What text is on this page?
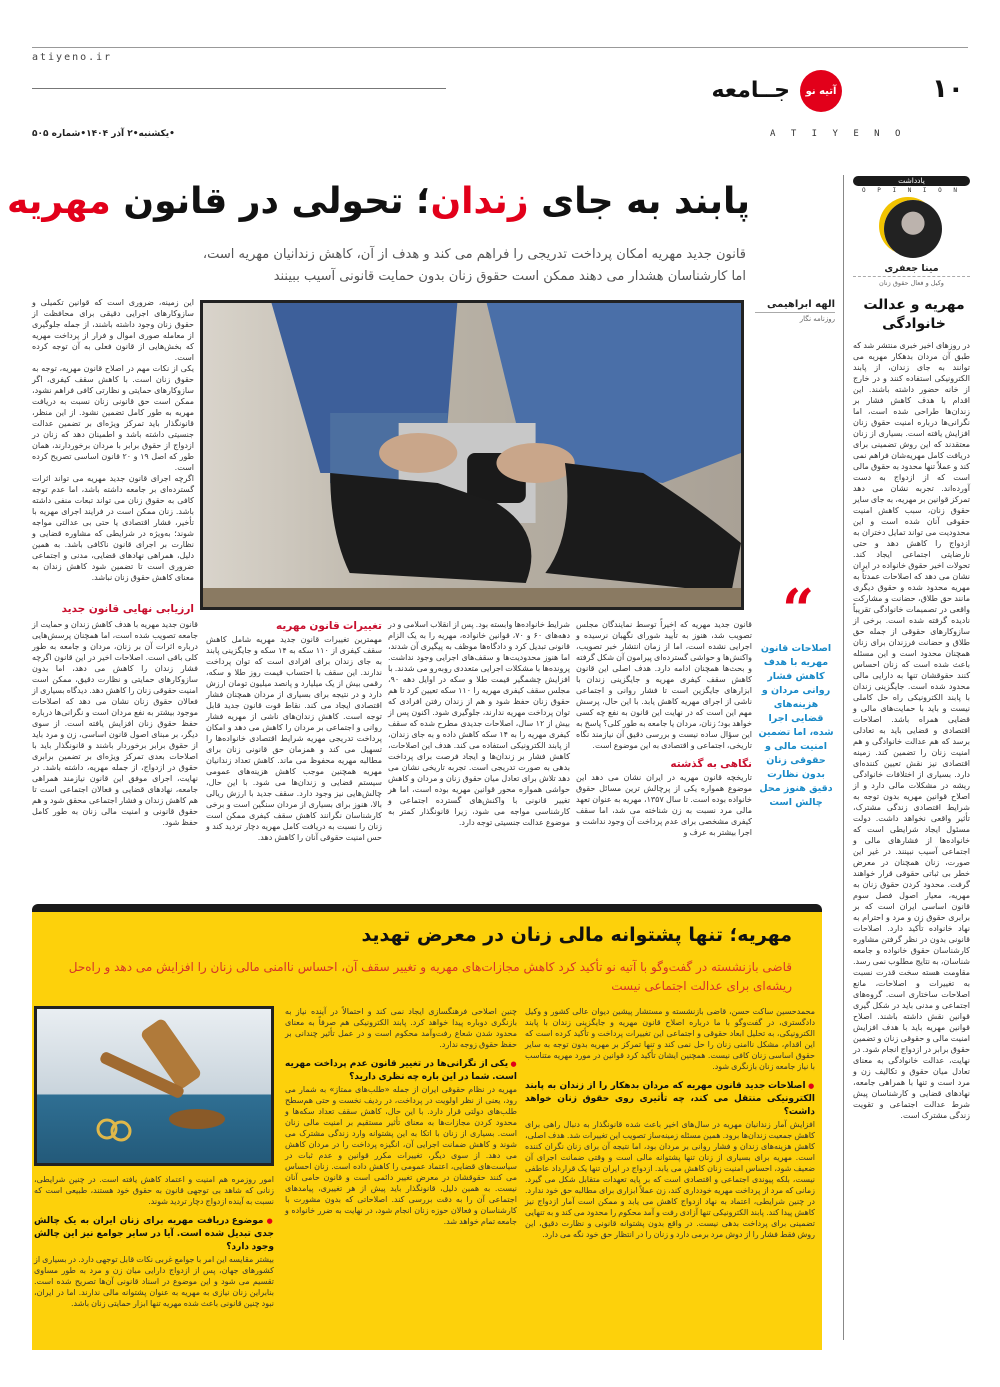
atiyeno.ir
۱۰
آتیه نو
جــامعه
A T I Y E N O
•یکشنبه•۲ آذر ۱۴۰۴•شماره ۵۰۵
پابند به جای زندان؛ تحولی در قانون مهریه
قانون جدید مهریه امکان پرداخت تدریجی را فراهم می کند و هدف از آن، کاهش زندانیان مهریه است،
اما کارشناسان هشدار می دهند ممکن است حقوق زنان بدون حمایت قانونی آسیب ببینند
الهه ابراهیمی
روزنامه نگار
یادداشت
O P I N I O N
مینا جعفری
وکیل و فعال حقوق زنان
مهریه و عدالت خانوادگی
در روزهای اخیر خبری منتشر شد که طبق آن مردان بدهکار مهریه می توانند به جای زندان، از پابند الکترونیکی استفاده کنند و در خارج از خانه حضور داشته باشند. این اقدام با هدف کاهش فشار بر زندان‌ها طراحی شده است، اما نگرانی‌ها درباره امنیت حقوق زنان افزایش یافته است. بسیاری از زنان معتقدند که این روش تضمینی برای دریافت کامل مهریه‌شان فراهم نمی کند و عملاً تنها محدود به حقوق مالی است که از ازدواج به دست آورده‌اند. تجربه نشان می دهد تمرکز قوانین بر مهریه، به جای سایر حقوق زنان، سبب کاهش امنیت حقوقی آنان شده است و این محدودیت می تواند تمایل دختران به ازدواج را کاهش دهد و حتی نارضایتی اجتماعی ایجاد کند. تحولات اخیر حقوق خانواده در ایران نشان می دهد که اصلاحات عمدتاً به مهریه محدود شده و حقوق دیگری مانند حق طلاق، حضانت و مشارکت واقعی در تصمیمات خانوادگی تقریباً نادیده گرفته شده است. برخی از سازوکارهای حقوقی از جمله حق طلاق و حضانت فرزندان برای زنان همچنان محدود است و این مسئله باعث شده است که زنان احساس کنند حقوقشان تنها به دارایی مالی محدود شده است. جایگزینی زندان با پابند الکترونیکی راه حل کاملی نیست و باید با حمایت‌های مالی و قضایی همراه باشد. اصلاحات اقتصادی و قضایی باید به تعادلی برسد که هم عدالت خانوادگی و هم امنیت زنان را تضمین کند. زمینه اقتصادی نیز نقش تعیین کننده‌ای دارد. بسیاری از اختلافات خانوادگی ریشه در مشکلات مالی دارد و از اصلاح قوانین مهریه بدون توجه به شرایط اقتصادی زندگی مشترک، تأثیر واقعی نخواهد داشت. دولت مسئول ایجاد شرایطی است که خانواده‌ها از فشارهای مالی و اجتماعی آسیب نبینند. در غیر این صورت، زنان همچنان در معرض خطر بی ثباتی حقوقی قرار خواهند گرفت. محدود کردن حقوق زنان به مهریه، معیار اصول فصل سوم قانون اساسی ایران است که بر برابری حقوق زن و مرد و احترام به نهاد خانواده تأکید دارد. اصلاحات قانونی بدون در نظر گرفتن مشاوره کارشناسان حقوق خانواده و جامعه شناسان، به نتایج مطلوب نمی رسد. مقاومت هسته سخت قدرت نسبت به تغییرات و اصلاحات، مانع اصلاحات ساختاری است. گروه‌های اجتماعی و مدنی باید در شکل گیری قوانین نقش داشته باشند. اصلاح قوانین مهریه باید با هدف افزایش امنیت مالی و حقوقی زنان و تضمین حقوق برابر در ازدواج انجام شود. در نهایت، عدالت خانوادگی به معنای تعادل میان حقوق و تکالیف زن و مرد است و تنها با همراهی جامعه، نهادهای قضایی و کارشناسان پیش شرط عدالت اجتماعی و تقویت زندگی مشترک است.

این زمینه، ضروری است که قوانین تکمیلی و سازوکارهای اجرایی دقیقی برای محافظت از حقوق زنان وجود داشته باشند، از جمله جلوگیری از معامله صوری اموال و فرار از پرداخت مهریه که بخش‌هایی از قانون فعلی به آن توجه کرده است.

یکی از نکات مهم در اصلاح قانون مهریه، توجه به حقوق زنان است. با کاهش سقف کیفری، اگر سازوکارهای حمایتی و نظارتی کافی فراهم نشود، ممکن است حق قانونی زنان نسبت به دریافت مهریه به طور کامل تضمین نشود. از این منظر، قانونگذار باید تمرکز ویژه‌ای بر تضمین عدالت جنسیتی داشته باشد و اطمینان دهد که زنان در ازدواج از حقوق برابر با مردان برخوردارند، همان طور که اصل ۱۹ و ۲۰ قانون اساسی تصریح کرده است.

اگرچه اجرای قانون جدید مهریه می تواند اثرات گسترده‌ای بر جامعه داشته باشد، اما عدم توجه کافی به حقوق زنان می تواند تبعات منفی داشته باشد. زنان ممکن است در فرایند اجرای مهریه با تأخیر، فشار اقتصادی یا حتی بی عدالتی مواجه شوند؛ به‌ویژه در شرایطی که مشاوره قضایی و نظارت بر اجرای قانون ناکافی باشد. به همین دلیل، همراهی نهادهای قضایی، مدنی و اجتماعی ضروری است تا تضمین شود کاهش زندان به معنای کاهش حقوق زنان نباشد.

ارزیابی نهایی قانون جدید
قانون جدید مهریه با هدف کاهش زندان و حمایت از جامعه تصویب شده است، اما همچنان پرسش‌هایی درباره اثرات آن بر زنان، مردان و جامعه به طور کلی باقی است. اصلاحات اخیر در این قانون اگرچه فشار زندان را کاهش می دهد، اما بدون سازوکارهای حمایتی و نظارت دقیق، ممکن است امنیت حقوقی زنان را کاهش دهد. دیدگاه بسیاری از فعالان حقوق زنان نشان می دهد که اصلاحات موجود بیشتر به نفع مردان است و نگرانی‌ها درباره حفظ حقوق زنان افزایش یافته است. از سوی دیگر، بر مبنای اصول قانون اساسی، زن و مرد باید از حقوق برابر برخوردار باشند و قانونگذار باید با اصلاحات بعدی تمرکز ویژه‌ای بر تضمین برابری حقوق در ازدواج، از جمله مهریه، داشته باشد. در نهایت، اجرای موفق این قانون نیازمند همراهی جامعه، نهادهای قضایی و فعالان اجتماعی است تا هم کاهش زندان و فشار اجتماعی محقق شود و هم حقوق قانونی و امنیت مالی زنان به طور کامل حفظ شود.
“
اصلاحات قانون مهریه با هدف کاهش فشار روانی مردان و هزینه‌های قضایی اجرا شده، اما تضمین امنیت مالی و حقوقی زنان بدون نظارت دقیق هنوز محل چالش است

قانون جدید مهریه که اخیراً توسط نمایندگان مجلس تصویب شد، هنوز به تأیید شورای نگهبان نرسیده و اجرایی نشده است، اما از زمان انتشار خبر تصویب، واکنش‌ها و حواشی گسترده‌ای پیرامون آن شکل گرفته و بحث‌ها همچنان ادامه دارد. هدف اصلی این قانون کاهش سقف کیفری مهریه و جایگزینی زندان با ابزارهای جایگزین است تا فشار روانی و اجتماعی ناشی از اجرای مهریه کاهش یابد. با این حال، پرسش مهم این است که در نهایت این قانون به نفع چه کسی خواهد بود؛ زنان، مردان یا جامعه به طور کلی؟ پاسخ به این سؤال ساده نیست و بررسی دقیق آن نیازمند نگاه تاریخی، اجتماعی و اقتصادی به این موضوع است.

نگاهی به گذشته

تاریخچه قانون مهریه در ایران نشان می دهد این موضوع همواره یکی از پرچالش ترین مسائل حقوق خانواده بوده است. تا سال ۱۳۵۷، مهریه به عنوان تعهد مالی مرد نسبت به زن شناخته می شد، اما سقف کیفری مشخصی برای عدم پرداخت آن وجود نداشت و اجرا بیشتر به عرف و

شرایط خانواده‌ها وابسته بود. پس از انقلاب اسلامی و در دهه‌های ۶۰ و ۷۰، قوانین خانواده، مهریه را به یک الزام قانونی تبدیل کرد و دادگاه‌ها موظف به پیگیری آن شدند، اما هنوز محدودیت‌ها و سقف‌های اجرایی وجود نداشت. پرونده‌ها با مشکلات اجرایی متعددی روبه‌رو می شدند. با افزایش چشمگیر قیمت طلا و سکه در اوایل دهه ۹۰، مجلس سقف کیفری مهریه را ۱۱۰ سکه تعیین کرد تا هم حقوق زنان حفظ شود و هم از زندان رفتن افرادی که توان پرداخت مهریه ندارند، جلوگیری شود. اکنون پس از بیش از ۱۲ سال، اصلاحات جدیدی مطرح شده که سقف کیفری مهریه را به ۱۴ سکه کاهش داده و به جای زندان، از پابند الکترونیکی استفاده می کند. هدف این اصلاحات، کاهش فشار بر زندان‌ها و ایجاد فرصت برای پرداخت بدهی به صورت تدریجی است. تجربه تاریخی نشان می دهد تلاش برای تعادل میان حقوق زنان و مردان و کاهش حواشی همواره محور قوانین مهریه بوده است، اما هر تغییر قانونی با واکنش‌های گسترده اجتماعی و کارشناسی مواجه می شود، زیرا قانونگذار کمتر به موضوع عدالت جنسیتی توجه دارد.

تغییرات قانون مهریه

مهمترین تغییرات قانون جدید مهریه شامل کاهش سقف کیفری از ۱۱۰ سکه به ۱۴ سکه و جایگزینی پابند به جای زندان برای افرادی است که توان پرداخت ندارند. این سقف با احتساب قیمت روز طلا و سکه، رقمی بیش از یک میلیارد و پانصد میلیون تومان ارزش دارد و در نتیجه برای بسیاری از مردان همچنان فشار اقتصادی ایجاد می کند. نقاط قوت قانون جدید قابل توجه است. کاهش زندان‌های ناشی از مهریه فشار روانی و اجتماعی بر مردان را کاهش می دهد و امکان پرداخت تدریجی مهریه شرایط اقتصادی خانواده‌ها را تسهیل می کند و همزمان حق قانونی زنان برای مطالبه مهریه محفوظ می ماند. کاهش تعداد زندانیان مهریه همچنین موجب کاهش هزینه‌های عمومی سیستم قضایی و زندان‌ها می شود. با این حال، چالش‌هایی نیز وجود دارد. سقف جدید با ارزش ریالی بالا، هنوز برای بسیاری از مردان سنگین است و برخی کارشناسان نگرانند کاهش سقف کیفری ممکن است زنان را نسبت به دریافت کامل مهریه دچار تردید کند و حس امنیت حقوقی آنان را کاهش دهد.

مهریه؛ تنها پشتوانه مالی زنان در معرض تهدید
قاضی بازنشسته در گفت‌وگو با آتیه نو تأکید کرد کاهش مجازات‌های مهریه و تغییر سقف آن، احساس ناامنی مالی زنان را افزایش می دهد و راه‌حل ریشه‌ای برای عدالت اجتماعی نیست

محمدحسین ساکت حسن، قاضی بازنشسته و مستشار پیشین دیوان عالی کشور و وکیل دادگستری، در گفت‌وگو با ما درباره اصلاح قانون مهریه و جایگزینی زندان با پابند الکترونیکی، به تحلیل ابعاد حقوقی و اجتماعی این تغییرات پرداخت و تأکید کرده است که این اقدام، مشکل ناامنی زنان را حل نمی کند و تنها تمرکز بر مهریه بدون توجه به سایر حقوق اساسی زنان کافی نیست. همچنین ایشان تأکید کرد قوانین در مورد مهریه متناسب با نیاز جامعه زنان بازنگری شود.

● اصلاحات جدید قانون مهریه که مردان بدهکار را از زندان به پابند الکترونیکی منتقل می کند، چه تأثیری روی حقوق زنان خواهد داشت؟

افزایش آمار زندانیان مهریه در سال‌های اخیر باعث شده قانونگذار به دنبال راهی برای کاهش جمعیت زندان‌ها برود. همین مسئله زمینه‌ساز تصویب این تغییرات شد. هدف اصلی، کاهش هزینه‌های زندان و فشار روانی بر مردان بود، اما نتیجه آن برای زنان نگران کننده است. مهریه برای بسیاری از زنان تنها پشتوانه مالی است و وقتی ضمانت اجرای آن ضعیف شود، احساس امنیت زنان کاهش می یابد. ازدواج در ایران تنها یک قرارداد عاطفی نیست، بلکه پیوندی اجتماعی و اقتصادی است که بر پایه تعهدات متقابل شکل می گیرد. زمانی که مرد از پرداخت مهریه خودداری کند، زن عملاً ابزاری برای مطالبه حق خود ندارد. در چنین شرایطی، اعتماد به نهاد ازدواج کاهش می یابد و ممکن است آمار ازدواج نیز کاهش پیدا کند. پابند الکترونیکی تنها آزادی رفت و آمد محکوم را محدود می کند و به تنهایی تضمینی برای پرداخت بدهی نیست. در واقع بدون پشتوانه قانونی و نظارت دقیق، این روش فقط فشار را از دوش مرد برمی دارد و زنان را در انتظار حق خود نگه می دارد.

چنین اصلاحی فرهنگسازی ایجاد نمی کند و احتمالاً در آینده نیاز به بازنگری دوباره پیدا خواهد کرد. پابند الکترونیکی هم صرفاً به معنای محدود شدن شعاع رفت‌وآمد محکوم است و در عمل تأثیر چندانی بر حفظ حقوق زوجه ندارد.

● یکی از نگرانی‌ها در تغییر قانون عدم پرداخت مهریه است. شما در این باره چه نظری دارید؟

مهریه در نظام حقوقی ایران از جمله «طلب‌های ممتاز» به شمار می رود، یعنی از نظر اولویت در پرداخت، در ردیف نخست و حتی هم‌سطح طلب‌های دولتی قرار دارد. با این حال، کاهش سقف تعداد سکه‌ها و محدود کردن مجازات‌ها به معنای تأثیر مستقیم بر امنیت مالی زنان است. بسیاری از زنان با اتکا به این پشتوانه وارد زندگی مشترک می شوند و کاهش ضمانت اجرایی آن، انگیزه پرداخت را در مردان کاهش می دهد. از سوی دیگر، تغییرات مکرر قوانین و عدم ثبات در سیاست‌های قضایی، اعتماد عمومی را کاهش داده است. زنان احساس می کنند حقوقشان در معرض تغییر دائمی است و قانون حامی آنان نیست. به همین دلیل، قانونگذار باید پیش از هر تغییری، پیامدهای اجتماعی آن را به دقت بررسی کند. اصلاحاتی که بدون مشورت با کارشناسان و فعالان حوزه زنان انجام شود، در نهایت به ضرر خانواده و جامعه تمام خواهد شد.

امور روزمره هم امنیت و اعتماد کاهش یافته است. در چنین شرایطی، زنانی که شاهد بی توجهی قانون به حقوق خود هستند، طبیعی است که نسبت به آینده ازدواج دچار تردید شوند.

● موضوع دریافت مهریه برای زنان ایران به یک چالش جدی تبدیل شده است. آیا در سایر جوامع نیز این چالش وجود دارد؟

بیشتر مقایسه این امر با جوامع غربی نکات قابل توجهی دارد. در بسیاری از کشورهای جهان، پس از ازدواج دارایی میان زن و مرد به طور مساوی تقسیم می شود و این موضوع در اسناد قانونی آن‌ها تصریح شده است. بنابراین زنان نیازی به مهریه به عنوان پشتوانه مالی ندارند. اما در ایران، نبود چنین قانونی باعث شده مهریه تنها ابزار حمایتی زنان باشد.
